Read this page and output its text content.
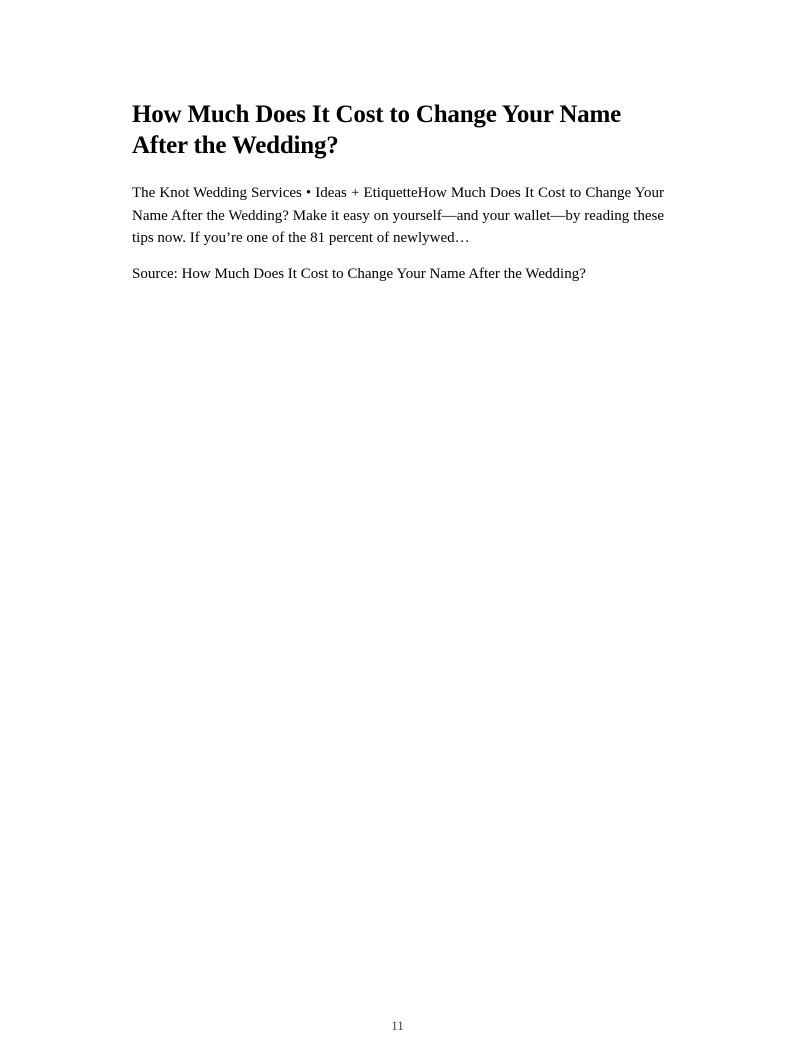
How Much Does It Cost to Change Your Name After the Wedding?

The Knot Wedding Services • Ideas + EtiquetteHow Much Does It Cost to Change Your Name After the Wedding? Make it easy on yourself—and your wallet—by reading these tips now. If you’re one of the 81 percent of newlywed…

Source: How Much Does It Cost to Change Your Name After the Wedding?

11
